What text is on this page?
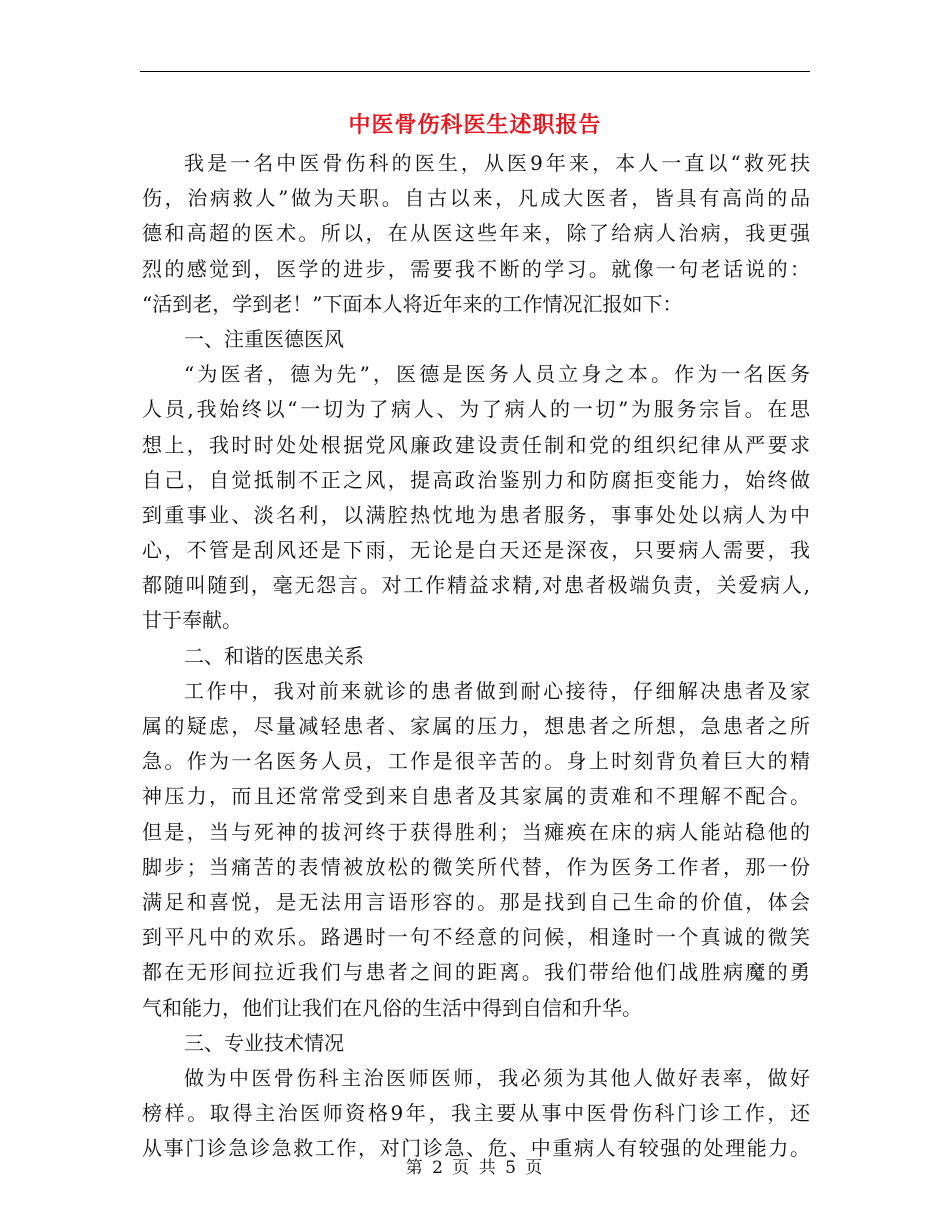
中医骨伤科医生述职报告
我是一名中医骨伤科的医生，从医9年来，本人一直以“救死扶
伤，治病救人”做为天职。自古以来，凡成大医者，皆具有高尚的品
德和高超的医术。所以，在从医这些年来，除了给病人治病，我更强
烈的感觉到，医学的进步，需要我不断的学习。就像一句老话说的：
“活到老，学到老！”下面本人将近年来的工作情况汇报如下：
一、注重医德医风
“为医者，德为先”，医德是医务人员立身之本。作为一名医务
人员,我始终以“一切为了病人、为了病人的一切”为服务宗旨。在思
想上，我时时处处根据党风廉政建设责任制和党的组织纪律从严要求
自己，自觉抵制不正之风，提高政治鉴别力和防腐拒变能力，始终做
到重事业、淡名利，以满腔热忱地为患者服务，事事处处以病人为中
心，不管是刮风还是下雨，无论是白天还是深夜，只要病人需要，我
都随叫随到，毫无怨言。对工作精益求精,对患者极端负责，关爱病人,
甘于奉献。
二、和谐的医患关系
工作中，我对前来就诊的患者做到耐心接待，仔细解决患者及家
属的疑虑，尽量减轻患者、家属的压力，想患者之所想，急患者之所
急。作为一名医务人员，工作是很辛苦的。身上时刻背负着巨大的精
神压力，而且还常常受到来自患者及其家属的责难和不理解不配合。
但是，当与死神的拔河终于获得胜利；当瘫痪在床的病人能站稳他的
脚步；当痛苦的表情被放松的微笑所代替，作为医务工作者，那一份
满足和喜悦，是无法用言语形容的。那是找到自己生命的价值，体会
到平凡中的欢乐。路遇时一句不经意的问候，相逢时一个真诚的微笑
都在无形间拉近我们与患者之间的距离。我们带给他们战胜病魔的勇
气和能力，他们让我们在凡俗的生活中得到自信和升华。
三、专业技术情况
做为中医骨伤科主治医师医师，我必须为其他人做好表率，做好
榜样。取得主治医师资格9年，我主要从事中医骨伤科门诊工作，还
从事门诊急诊急救工作，对门诊急、危、中重病人有较强的处理能力。
第 2 页 共 5 页
